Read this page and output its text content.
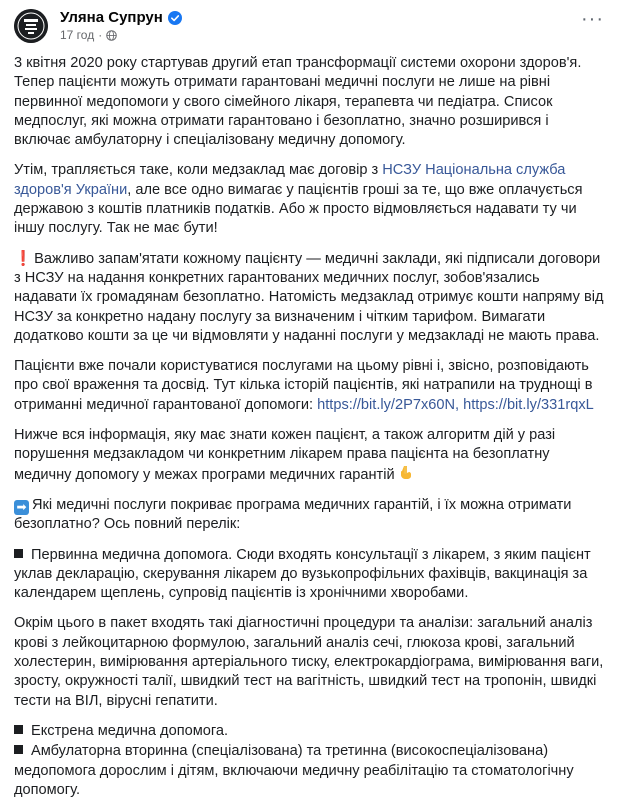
Уляна Супрун
17 год ·
···

3 квітня 2020 року стартував другий етап трансформації системи охорони здоров'я. Тепер пацієнти можуть отримати гарантовані медичні послуги не лише на рівні первинної медопомоги у свого сімейного лікаря, терапевта чи педіатра. Список медпослуг, які можна отримати гарантовано і безоплатно, значно розширився і включає амбулаторну і спеціалізовану медичну допомогу.

Утім, трапляється таке, коли медзаклад має договір з НСЗУ Національна служба здоров'я України, але все одно вимагає у пацієнтів гроші за те, що вже оплачується державою з коштів платників податків. Або ж просто відмовляється надавати ту чи іншу послугу. Так не має бути!

❗ Важливо запам'ятати кожному пацієнту — медичні заклади, які підписали договори з НСЗУ на надання конкретних гарантованих медичних послуг, зобов'язались надавати їх громадянам безоплатно. Натомість медзаклад отримує кошти напряму від НСЗУ за конкретно надану послугу за визначеним і чітким тарифом. Вимагати додатково кошти за це чи відмовляти у наданні послуги у медзакладі не мають права.

Пацієнти вже почали користуватися послугами на цьому рівні і, звісно, розповідають про свої враження та досвід. Тут кілька історій пацієнтів, які натрапили на труднощі в отриманні медичної гарантованої допомоги: https://bit.ly/2P7x60N, https://bit.ly/331rqxL

Нижче вся інформація, яку має знати кожен пацієнт, а також алгоритм дій у разі порушення медзакладом чи конкретним лікарем права пацієнта на безоплатну медичну допомогу у межах програми медичних гарантій

➡ Які медичні послуги покриває програма медичних гарантій, і їх можна отримати безоплатно? Ось повний перелік:

Первинна медична допомога. Сюди входять консультації з лікарем, з яким пацієнт уклав декларацію, скерування лікарем до вузькопрофільних фахівців, вакцинація за календарем щеплень, супровід пацієнтів із хронічними хворобами.

Окрім цього в пакет входять такі діагностичні процедури та аналізи: загальний аналіз крові з лейкоцитарною формулою, загальний аналіз сечі, глюкоза крові, загальний холестерин, вимірювання артеріального тиску, електрокардіограма, вимірювання ваги, зросту, окружності талії, швидкий тест на вагітність, швидкий тест на тропонін, швидкі тести на ВІЛ, вірусні гепатити.

Екстрена медична допомога.

Амбулаторна вторинна (спеціалізована) та третинна (високоспеціалізована) медопомога дорослим і дітям, включаючи медичну реабілітацію та стоматологічну допомогу.
